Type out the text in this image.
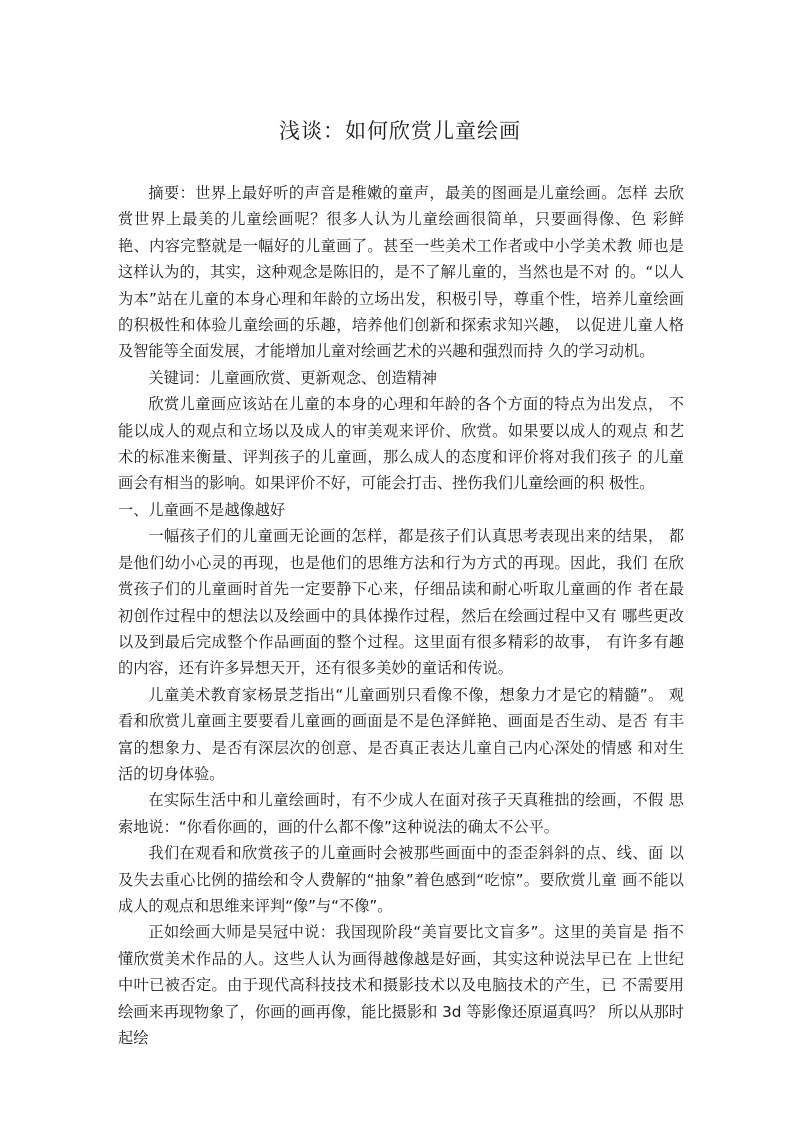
浅谈：如何欣赏儿童绘画

摘要：世界上最好听的声音是稚嫩的童声，最美的图画是儿童绘画。怎样 去欣赏世界上最美的儿童绘画呢？很多人认为儿童绘画很简单，只要画得像、色 彩鲜艳、内容完整就是一幅好的儿童画了。甚至一些美术工作者或中小学美术教 师也是这样认为的，其实，这种观念是陈旧的，是不了解儿童的，当然也是不对 的。“以人为本”站在儿童的本身心理和年龄的立场出发，积极引导，尊重个性，培养儿童绘画的积极性和体验儿童绘画的乐趣，培养他们创新和探索求知兴趣， 以促进儿童人格及智能等全面发展，才能增加儿童对绘画艺术的兴趣和强烈而持 久的学习动机。

关键词：儿童画欣赏、更新观念、创造精神

欣赏儿童画应该站在儿童的本身的心理和年龄的各个方面的特点为出发点， 不能以成人的观点和立场以及成人的审美观来评价、欣赏。如果要以成人的观点 和艺术的标准来衡量、评判孩子的儿童画，那么成人的态度和评价将对我们孩子 的儿童画会有相当的影响。如果评价不好，可能会打击、挫伤我们儿童绘画的积 极性。

一、儿童画不是越像越好

一幅孩子们的儿童画无论画的怎样，都是孩子们认真思考表现出来的结果， 都是他们幼小心灵的再现，也是他们的思维方法和行为方式的再现。因此，我们 在欣赏孩子们的儿童画时首先一定要静下心来，仔细品读和耐心听取儿童画的作 者在最初创作过程中的想法以及绘画中的具体操作过程，然后在绘画过程中又有 哪些更改以及到最后完成整个作品画面的整个过程。这里面有很多精彩的故事， 有许多有趣的内容，还有许多异想天开，还有很多美妙的童话和传说。

儿童美术教育家杨景芝指出“儿童画别只看像不像，想象力才是它的精髓”。 观看和欣赏儿童画主要要看儿童画的画面是不是色泽鲜艳、画面是否生动、是否 有丰富的想象力、是否有深层次的创意、是否真正表达儿童自己内心深处的情感 和对生活的切身体验。

在实际生活中和儿童绘画时，有不少成人在面对孩子天真稚拙的绘画，不假 思索地说：“你看你画的，画的什么都不像”这种说法的确太不公平。

我们在观看和欣赏孩子的儿童画时会被那些画面中的歪歪斜斜的点、线、面 以及失去重心比例的描绘和令人费解的“抽象”着色感到“吃惊”。要欣赏儿童 画不能以成人的观点和思维来评判“像”与“不像”。

正如绘画大师是吴冠中说：我国现阶段“美盲要比文盲多”。这里的美盲是 指不懂欣赏美术作品的人。这些人认为画得越像越是好画，其实这种说法早已在 上世纪中叶已被否定。由于现代高科技技术和摄影技术以及电脑技术的产生，已 不需要用绘画来再现物象了，你画的画再像，能比摄影和 3d 等影像还原逼真吗？ 所以从那时起绘
